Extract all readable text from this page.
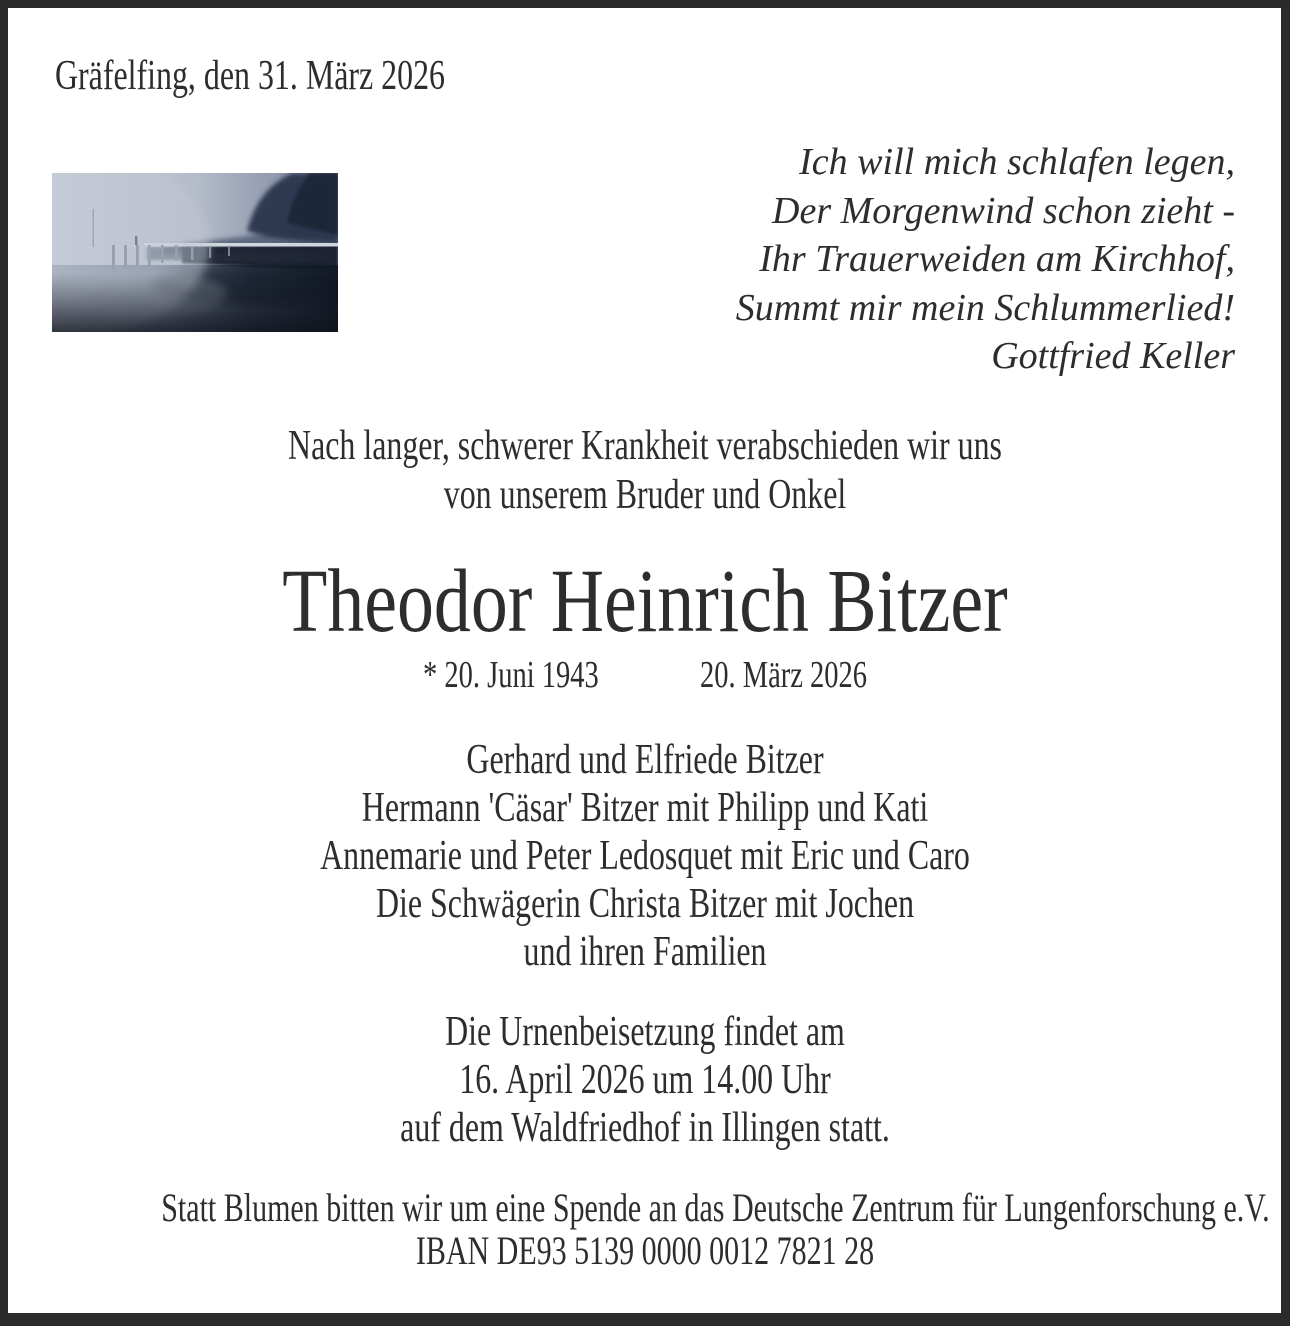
Gräfelfing, den 31. März 2026
Ich will mich schlafen legen,
Der Morgenwind schon zieht -
Ihr Trauerweiden am Kirchhof,
Summt mir mein Schlummerlied!
Gottfried Keller
Nach langer, schwerer Krankheit verabschieden wir uns
von unserem Bruder und Onkel
Theodor Heinrich Bitzer
* 20. Juni 1943	20. März 2026
Gerhard und Elfriede Bitzer
Hermann 'Cäsar' Bitzer mit Philipp und Kati
Annemarie und Peter Ledosquet mit Eric und Caro
Die Schwägerin Christa Bitzer mit Jochen
und ihren Familien
Die Urnenbeisetzung findet am
16. April 2026 um 14.00 Uhr
auf dem Waldfriedhof in Illingen statt.
Statt Blumen bitten wir um eine Spende an das Deutsche Zentrum für Lungenforschung e.V.
IBAN DE93 5139 0000 0012 7821 28
